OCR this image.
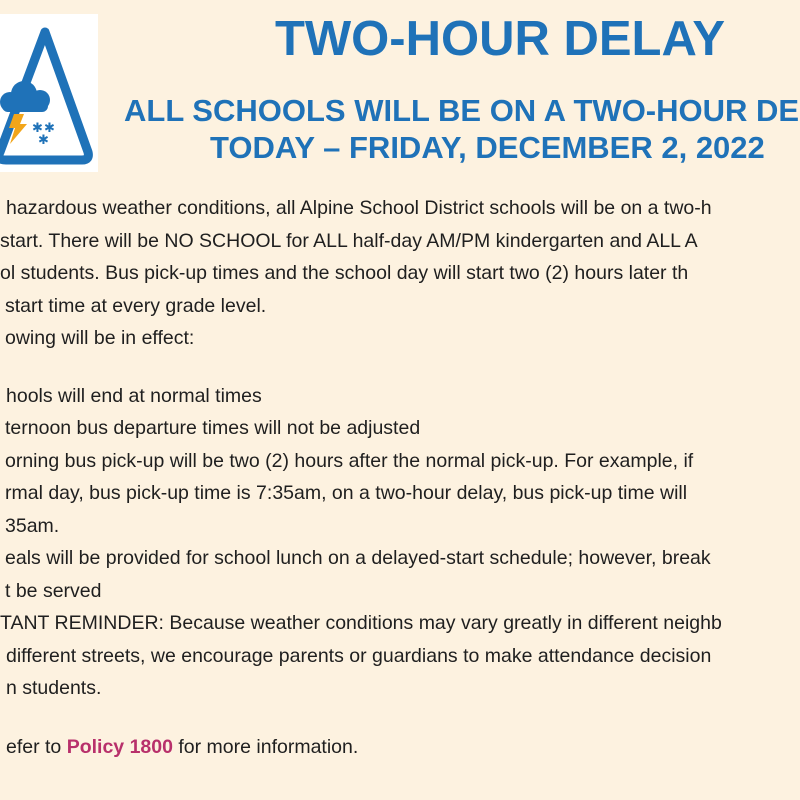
✱ ✱
✱
TWO-HOUR DELAY
ALL SCHOOLS WILL BE ON A TWO-HOUR DE
TODAY – FRIDAY, DECEMBER 2, 2022
hazardous weather conditions, all Alpine School District schools will be on a two-h
start. There will be NO SCHOOL for ALL half-day AM/PM kindergarten and ALL A
ol students. Bus pick-up times and the school day will start two (2) hours later th
start time at every grade level.
owing will be in effect:
hools will end at normal times
ternoon bus departure times will not be adjusted
orning bus pick-up will be two (2) hours after the normal pick-up. For example, if
rmal day, bus pick-up time is 7:35am, on a two-hour delay, bus pick-up time will
35am.
eals will be provided for school lunch on a delayed-start schedule; however, break
t be served
TANT REMINDER: Because weather conditions may vary greatly in different neighb
different streets, we encourage parents or guardians to make attendance decision
n students.
efer to Policy 1800 for more information.
